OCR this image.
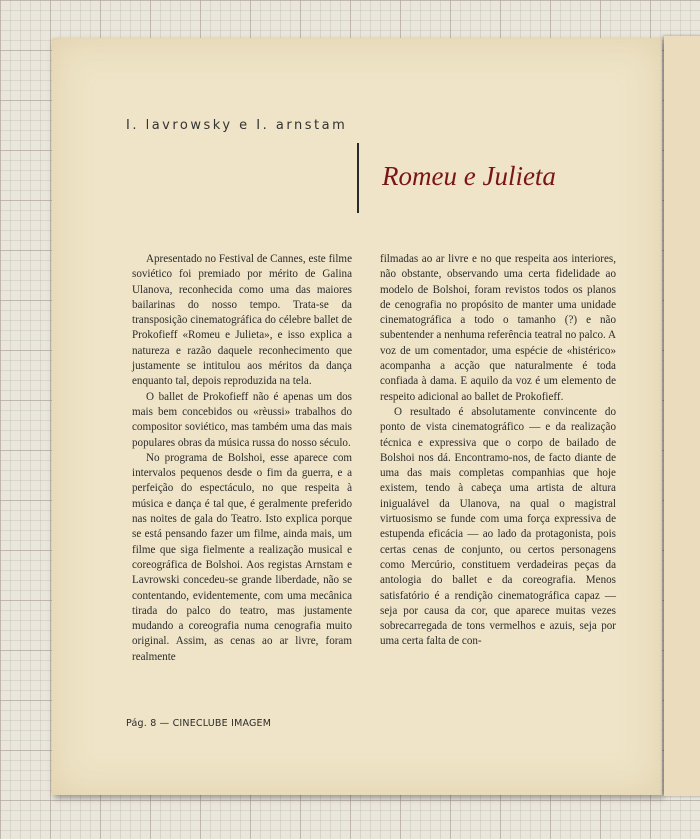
I. lavrowsky e I. arnstam
Romeu e Julieta

Apresentado no Festival de Cannes, este filme soviético foi premiado por mérito de Galina Ulanova, reconhecida como uma das maiores bailarinas do nosso tempo. Trata-se da transposição cinematográfica do célebre ballet de Prokofieff «Romeu e Julieta», e isso explica a natureza e razão daquele reconhecimento que justamente se intitulou aos méritos da dança enquanto tal, depois reproduzida na tela.

O ballet de Prokofieff não é apenas um dos mais bem concebidos ou «rèussi» trabalhos do compositor soviético, mas também uma das mais populares obras da música russa do nosso século.

No programa de Bolshoi, esse aparece com intervalos pequenos desde o fim da guerra, e a perfeição do espectáculo, no que respeita à música e dança é tal que, é geralmente preferido nas noites de gala do Teatro. Isto explica porque se está pensando fazer um filme, ainda mais, um filme que siga fielmente a realização musical e coreográfica de Bolshoi. Aos registas Arnstam e Lavrowski concedeu-se grande liberdade, não se contentando, evidentemente, com uma mecânica tirada do palco do teatro, mas justamente mudando a coreografia numa cenografia muito original. Assim, as cenas ao ar livre, foram realmente

filmadas ao ar livre e no que respeita aos interiores, não obstante, observando uma certa fidelidade ao modelo de Bolshoi, foram revistos todos os planos de cenografia no propósito de manter uma unidade cinematográfica a todo o tamanho (?) e não subentender a nenhuma referência teatral no palco. A voz de um comentador, uma espécie de «histérico» acompanha a acção que naturalmente é toda confiada à dama. E aquilo da voz é um elemento de respeito adicional ao ballet de Prokofieff.

O resultado é absolutamente convincente do ponto de vista cinematográfico — e da realização técnica e expressiva que o corpo de bailado de Bolshoi nos dá. Encontramo-nos, de facto diante de uma das mais completas companhias que hoje existem, tendo à cabeça uma artista de altura inigualável da Ulanova, na qual o magistral virtuosismo se funde com uma força expressiva de estupenda eficácia — ao lado da protagonista, pois certas cenas de conjunto, ou certos personagens como Mercúrio, constituem verdadeiras peças da antologia do ballet e da coreografia. Menos satisfatório é a rendição cinematográfica capaz — seja por causa da cor, que aparece muitas vezes sobrecarregada de tons vermelhos e azuis, seja por uma certa falta de con-

Pág. 8 — CINECLUBE IMAGEM
